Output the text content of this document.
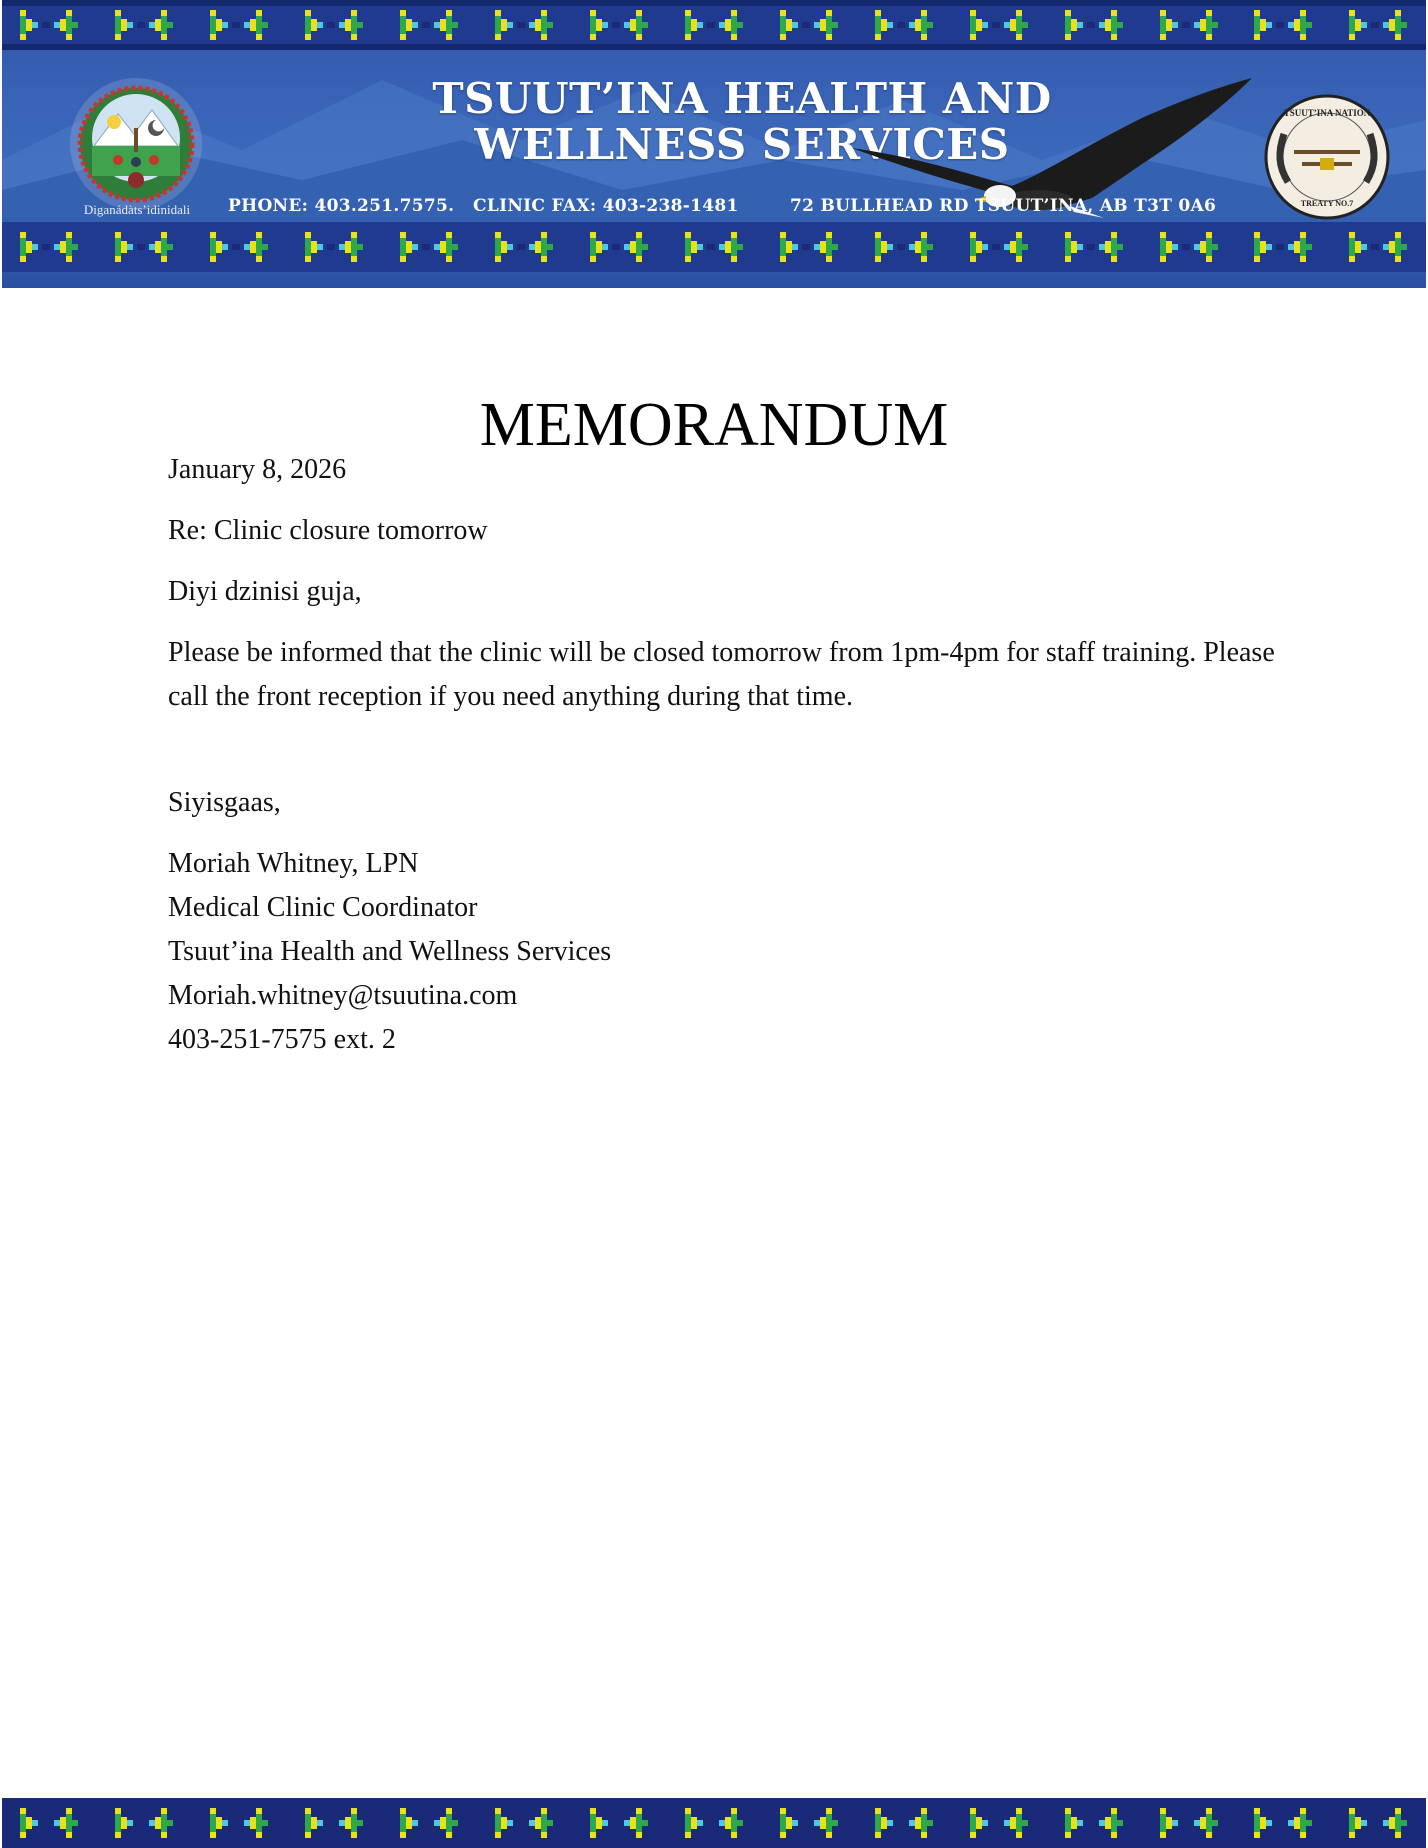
Diganádàts’idinidali
TSUUT’INA HEALTH AND WELLNESS SERVICES
TSUUT’INA NATION
TREATY NO.7
PHONE: 403.251.7575. CLINIC FAX: 403-238-1481	72 BULLHEAD RD TSUUT’INA, AB T3T 0A6
MEMORANDUM

January 8, 2026

Re: Clinic closure tomorrow

Diyi dzinisi guja,

Please be informed that the clinic will be closed tomorrow from 1pm-4pm for staff training. Please call the front reception if you need anything during that time.

Siyisgaas,

Moriah Whitney, LPN
Medical Clinic Coordinator
Tsuut’ina Health and Wellness Services
Moriah.whitney@tsuutina.com
403-251-7575 ext. 2
